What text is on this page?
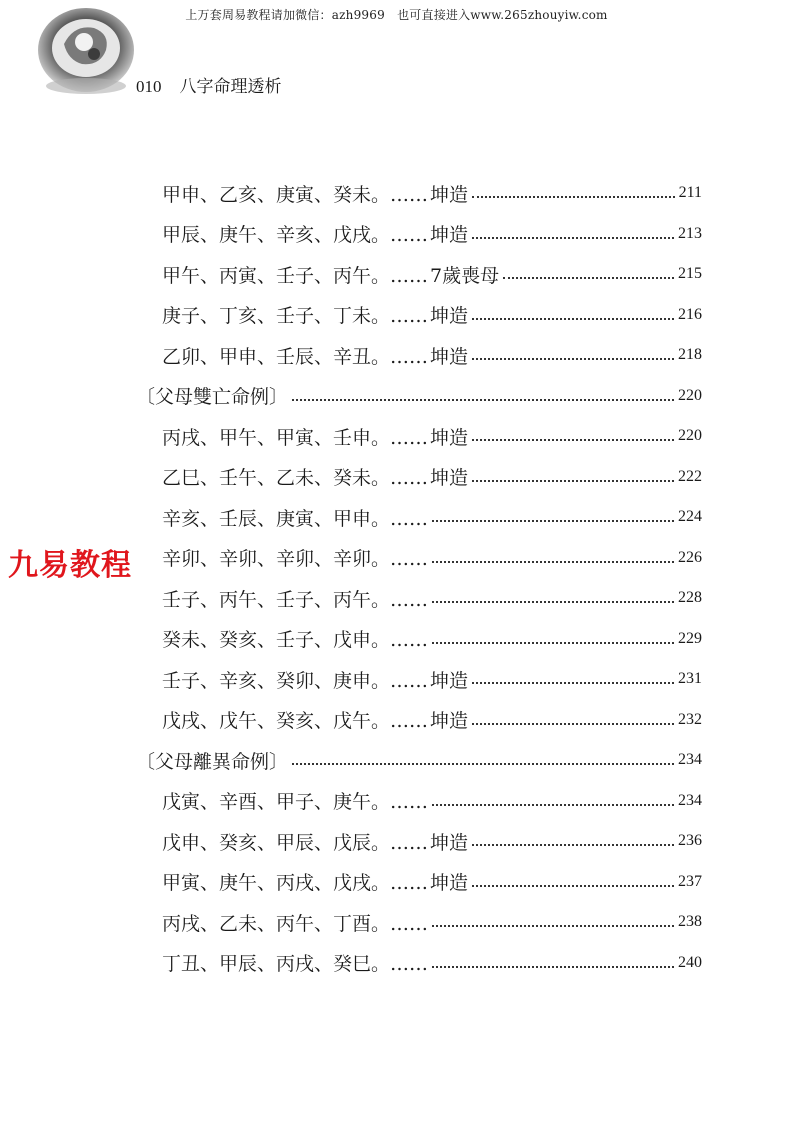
上万套周易教程请加微信：azh9969　也可直接进入www.265zhouyiw.com
010 八字命理透析
九易教程
甲申、乙亥、庚寅、癸未。…… 坤造	211
甲辰、庚午、辛亥、戊戌。…… 坤造	213
甲午、丙寅、壬子、丙午。…… 7歲喪母	215
庚子、丁亥、壬子、丁未。…… 坤造	216
乙卯、甲申、壬辰、辛丑。…… 坤造	218
〔父母雙亡命例〕	220
丙戌、甲午、甲寅、壬申。…… 坤造	220
乙巳、壬午、乙未、癸未。…… 坤造	222
辛亥、壬辰、庚寅、甲申。……	224
辛卯、辛卯、辛卯、辛卯。……	226
壬子、丙午、壬子、丙午。……	228
癸未、癸亥、壬子、戊申。……	229
壬子、辛亥、癸卯、庚申。…… 坤造	231
戊戌、戊午、癸亥、戊午。…… 坤造	232
〔父母離異命例〕	234
戊寅、辛酉、甲子、庚午。……	234
戊申、癸亥、甲辰、戊辰。…… 坤造	236
甲寅、庚午、丙戌、戊戌。…… 坤造	237
丙戌、乙未、丙午、丁酉。……	238
丁丑、甲辰、丙戌、癸巳。……	240
